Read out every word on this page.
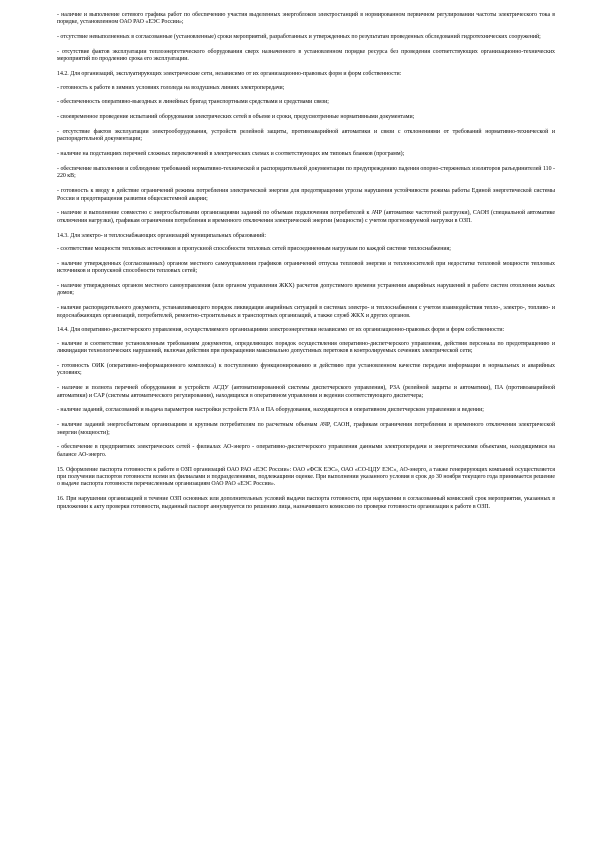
- наличие и выполнение сетевого графика работ по обеспечению участия выделенных энергоблоков электростанций в нормированном первичном регулировании частоты электрического тока в порядке, установленном ОАО РАО «ЕЭС России»;

- отсутствие невыполненных в согласованные (установленные) сроки мероприятий, разработанных и утвержденных по результатам проведенных обследований гидротехнических сооружений;

- отсутствие фактов эксплуатации теплоэнергетического оборудования сверх назначенного в установленном порядке ресурса без проведения соответствующих организационно-технических мероприятий по продлению срока его эксплуатации.

14.2. Для организаций, эксплуатирующих электрические сети, независимо от их организационно-правовых форм и форм собственности:

- готовность к работе в зимних условиях гололеда на воздушных линиях электропередачи;

- обеспеченность оперативно-выездных и линейных бригад транспортными средствами и средствами связи;

- своевременное проведение испытаний оборудования электрических сетей в объеме и сроки, предусмотренные нормативными документами;

- отсутствие фактов эксплуатации электрооборудования, устройств релейной защиты, противоаварийной автоматики и связи с отклонениями от требований нормативно-технической и распорядительной документации;

- наличие на подстанциях перечней сложных переключений в электрических схемах и соответствующих им типовых бланков (программ);

- обеспечение выполнения и соблюдение требований нормативно-технической и распорядительной документации по предупреждению падения опорно-стержневых изоляторов разъединителей 110 - 220 кВ;

- готовность к вводу в действие ограничений режима потребления электрической энергии для предотвращения угрозы нарушения устойчивости режима работы Единой энергетической системы России и предотвращения развития общесистемной аварии;

- наличие и выполнение совместно с энергосбытовыми организациями заданий по объемам подключения потребителей к АЧР (автоматике частотной разгрузки), САОН (специальной автоматике отключения нагрузки), графикам ограничения потребления и временного отключения электрической энергии (мощности) с учетом прогнозируемой нагрузки в ОЗП.

14.3. Для электро- и теплоснабжающих организаций муниципальных образований:

- соответствие мощности тепловых источников и пропускной способности тепловых сетей присоединенным нагрузкам по каждой системе теплоснабжения;

- наличие утвержденных (согласованных) органом местного самоуправления графиков ограничений отпуска тепловой энергии и теплоносителей при недостатке тепловой мощности тепловых источников и пропускной способности тепловых сетей;

- наличие утвержденных органом местного самоуправления (или органом управления ЖКХ) расчетов допустимого времени устранения аварийных нарушений в работе систем отопления жилых домов;

- наличие распорядительного документа, устанавливающего порядок ликвидации аварийных ситуаций в системах электро- и теплоснабжения с учетом взаимодействия тепло-, электро-, топливо- и водоснабжающих организаций, потребителей, ремонтно-строительных и транспортных организаций, а также служб ЖКХ и других органов.

14.4. Для оперативно-диспетчерского управления, осуществляемого организациями электроэнергетики независимо от их организационно-правовых форм и форм собственности:

- наличие и соответствие установленным требованиям документов, определяющих порядок осуществления оперативно-диспетчерского управления, действия персонала по предотвращению и ликвидации технологических нарушений, включая действия при прекращении максимально допустимых перетоков в контролируемых сечениях электрической сети;

- готовность ОИК (оперативно-информационного комплекса) к поступлению функционированию и действию при установленном качестве передачи информации в нормальных и аварийных условиях;

- наличие и полнота перечней оборудования и устройств АСДУ (автоматизированной системы диспетчерского управления), РЗА (релейной защиты и автоматики), ПА (противоаварийной автоматики) и САР (системы автоматического регулирования), находящихся в оперативном управлении и ведении соответствующего диспетчера;

- наличие заданий, согласований и выдача параметров настройки устройств РЗА и ПА оборудования, находящегося в оперативном диспетчерском управлении и ведении;

- наличие заданий энергосбытовым организациям и крупным потребителям по расчетным объемам АЧР, САОН, графикам ограничения потребления и временного отключения электрической энергии (мощности);

- обеспечение в предприятиях электрических сетей - филиалах АО-энерго - оперативно-диспетчерского управления данными электропередачи и энергетическими объектами, находящимися на балансе АО-энерго.

15. Оформление паспорта готовности к работе в ОЗП организаций ОАО РАО «ЕЭС России»: ОАО «ФСК ЕЭС», ОАО «СО-ЦДУ ЕЭС», АО-энерго, а также генерирующих компаний осуществляется при получении паспортов готовности всеми их филиалами и подразделениями, подлежащими оценке. При выполнении указанного условия в срок до 30 ноября текущего года принимается решение о выдаче паспорта готовности перечисленным организациям ОАО РАО «ЕЭС России».

16. При нарушении организацией в течение ОЗП основных или дополнительных условий выдачи паспорта готовности, при нарушении в согласованный комиссией срок мероприятия, указанных в приложении к акту проверки готовности, выданный паспорт аннулируется по решению лица, назначившего комиссию по проверке готовности организации к работе в ОЗП.
